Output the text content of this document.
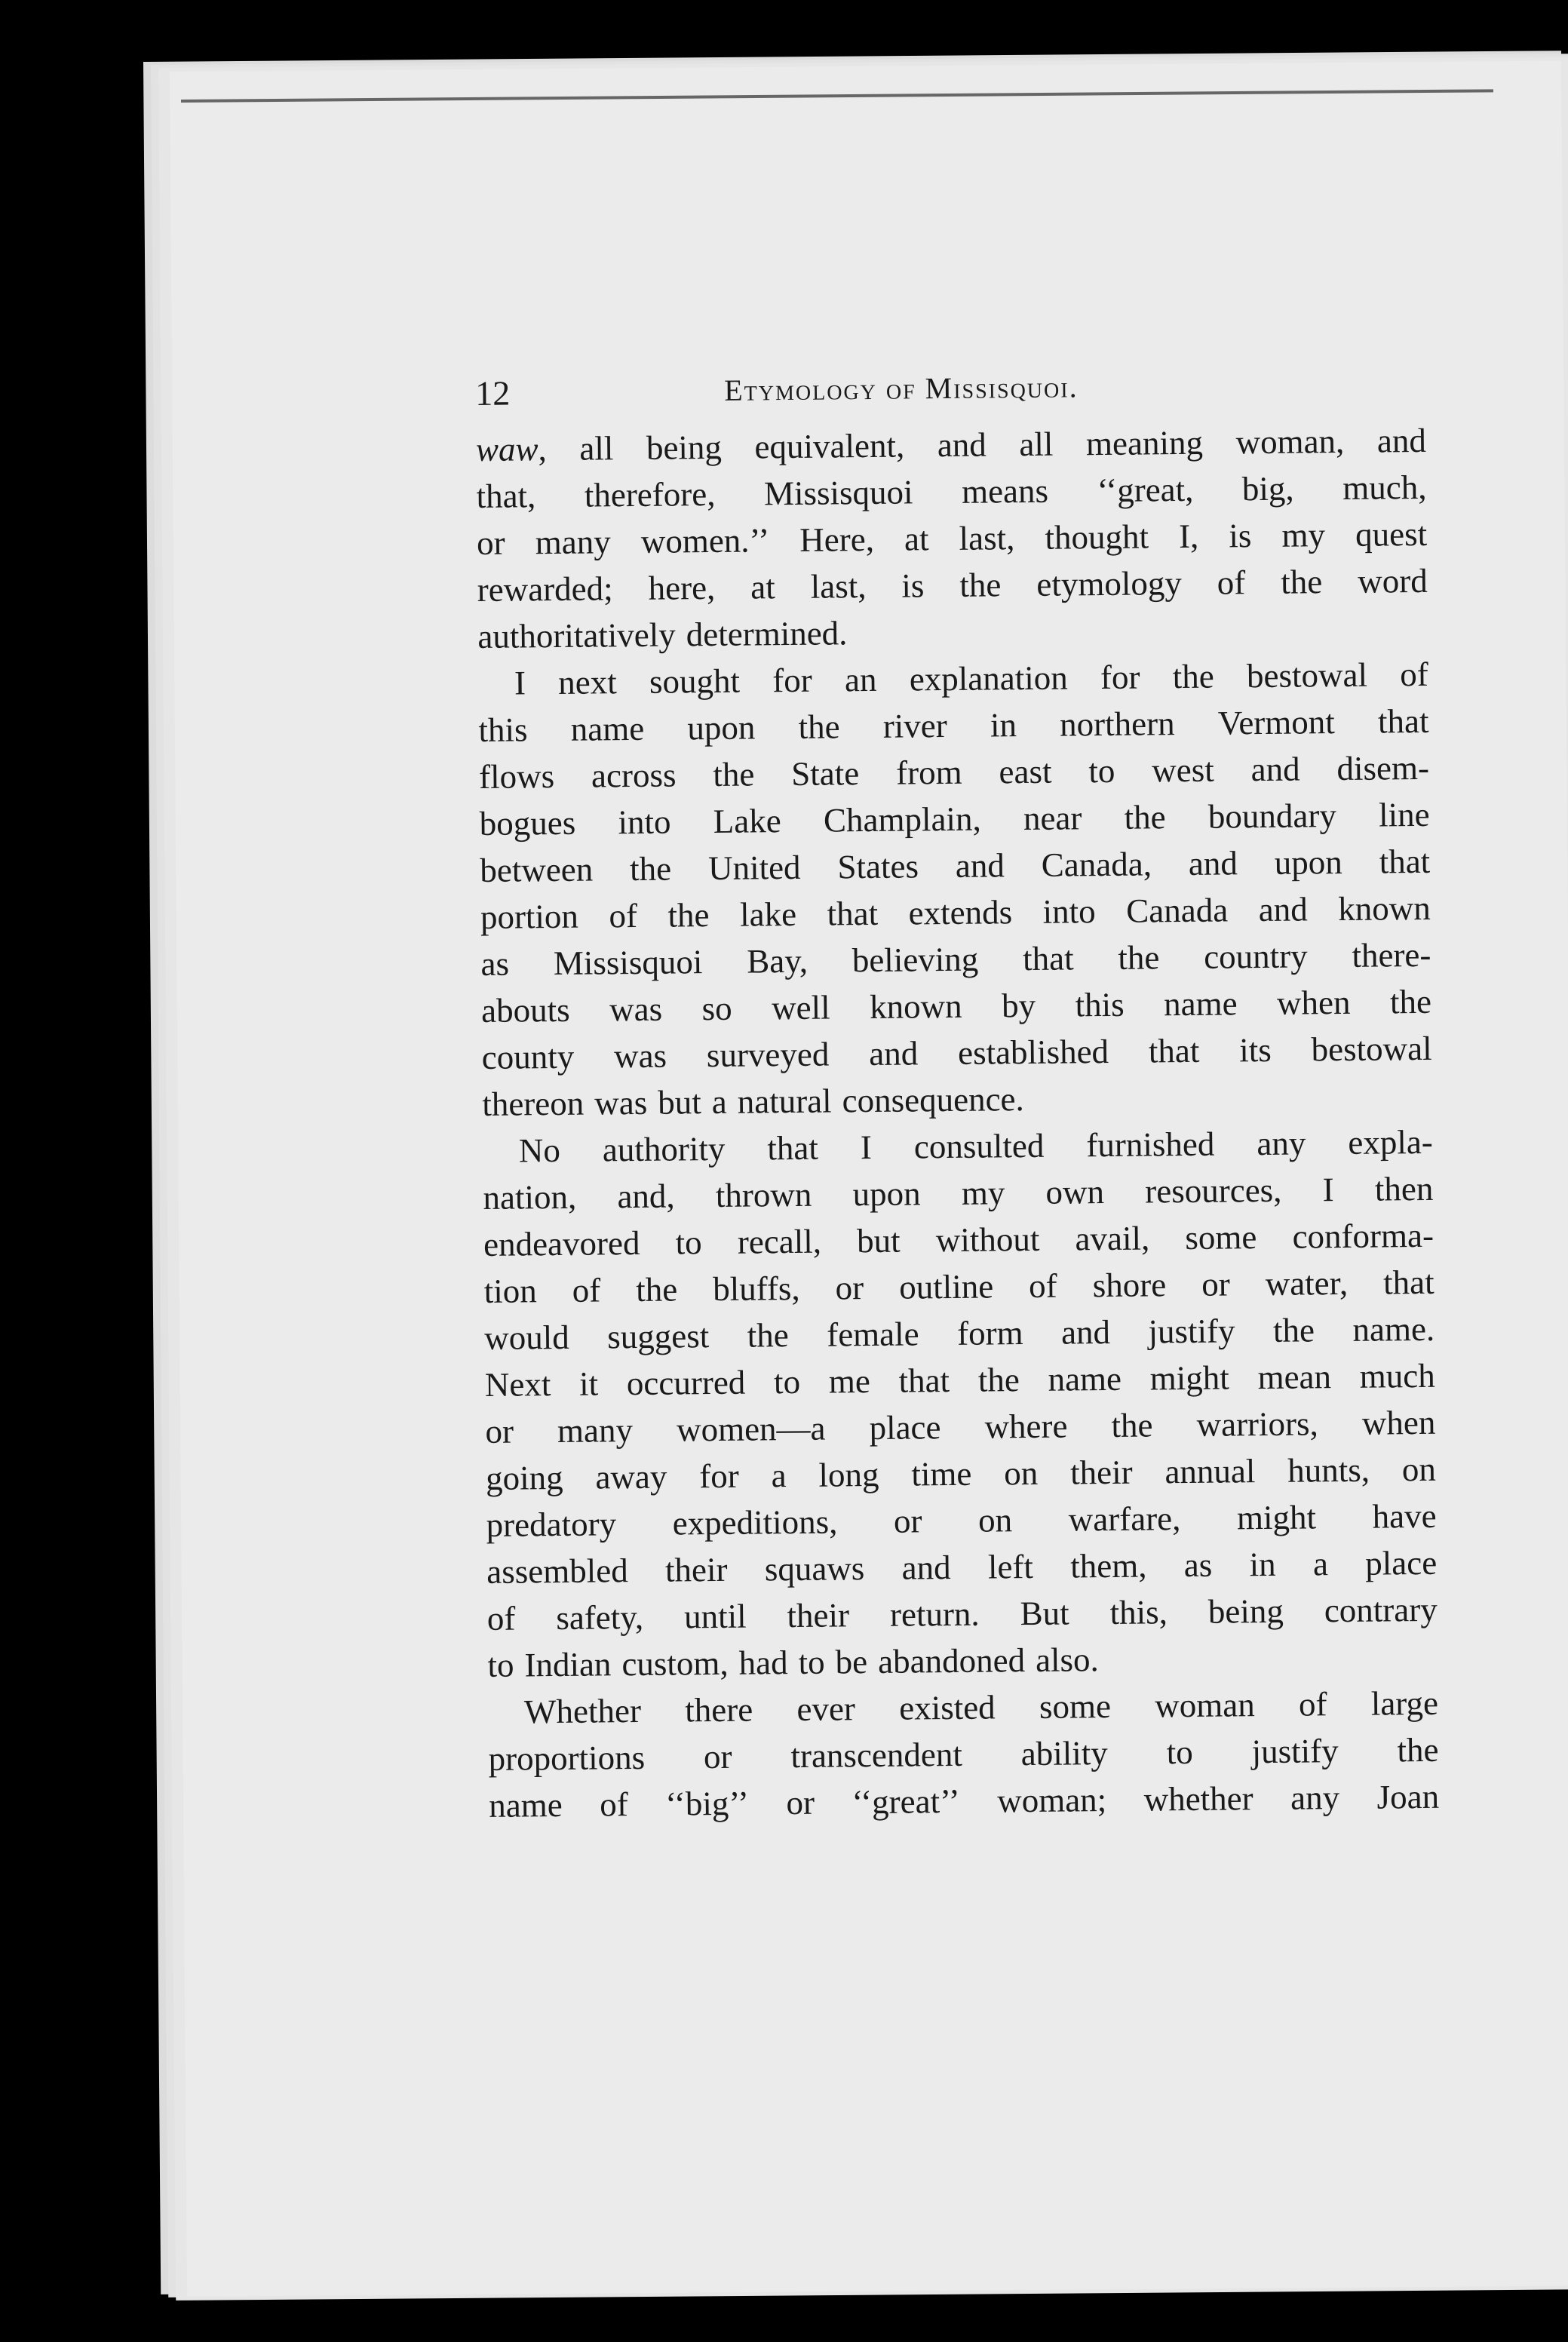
12	Etymology of Missisquoi.
waw, all being equivalent, and all meaning woman, and
that, therefore, Missisquoi means ‘‘great, big, much,
or many women.’’ Here, at last, thought I, is my quest
rewarded; here, at last, is the etymology of the word
authoritatively determined.
I next sought for an explanation for the bestowal of
this name upon the river in northern Vermont that
flows across the State from east to west and disem-
bogues into Lake Champlain, near the boundary line
between the United States and Canada, and upon that
portion of the lake that extends into Canada and known
as Missisquoi Bay, believing that the country there-
abouts was so well known by this name when the
county was surveyed and established that its bestowal
thereon was but a natural consequence.
No authority that I consulted furnished any expla-
nation, and, thrown upon my own resources, I then
endeavored to recall, but without avail, some conforma-
tion of the bluffs, or outline of shore or water, that
would suggest the female form and justify the name.
Next it occurred to me that the name might mean much
or many women—a place where the warriors, when
going away for a long time on their annual hunts, on
predatory expeditions, or on warfare, might have
assembled their squaws and left them, as in a place
of safety, until their return. But this, being contrary
to Indian custom, had to be abandoned also.
Whether there ever existed some woman of large
proportions or transcendent ability to justify the
name of ‘‘big’’ or ‘‘great’’ woman; whether any Joan
